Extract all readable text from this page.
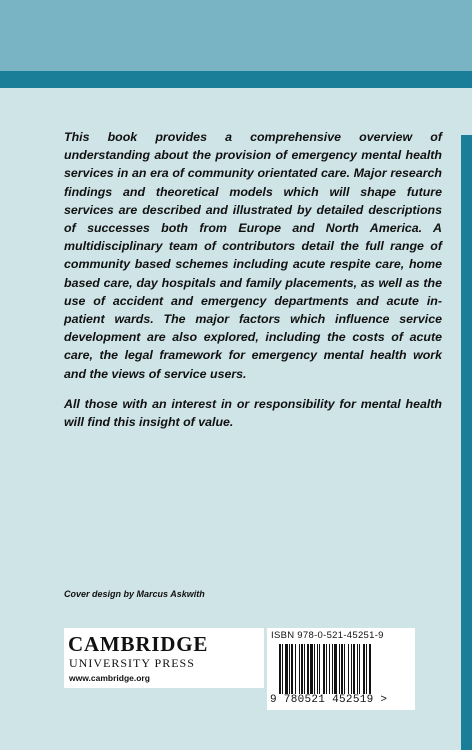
This book provides a comprehensive overview of understanding about the provision of emergency mental health services in an era of community orientated care. Major research findings and theoretical models which will shape future services are described and illustrated by detailed descriptions of successes both from Europe and North America. A multidisciplinary team of contributors detail the full range of community based schemes including acute respite care, home based care, day hospitals and family placements, as well as the use of accident and emergency departments and acute in-patient wards. The major factors which influence service development are also explored, including the costs of acute care, the legal framework for emergency mental health work and the views of service users.

All those with an interest in or responsibility for mental health will find this insight of value.

Cover design by Marcus Askwith
CAMBRIDGE
UNIVERSITY PRESS
www.cambridge.org
ISBN 978-0-521-45251-9
9 780521 452519 >
